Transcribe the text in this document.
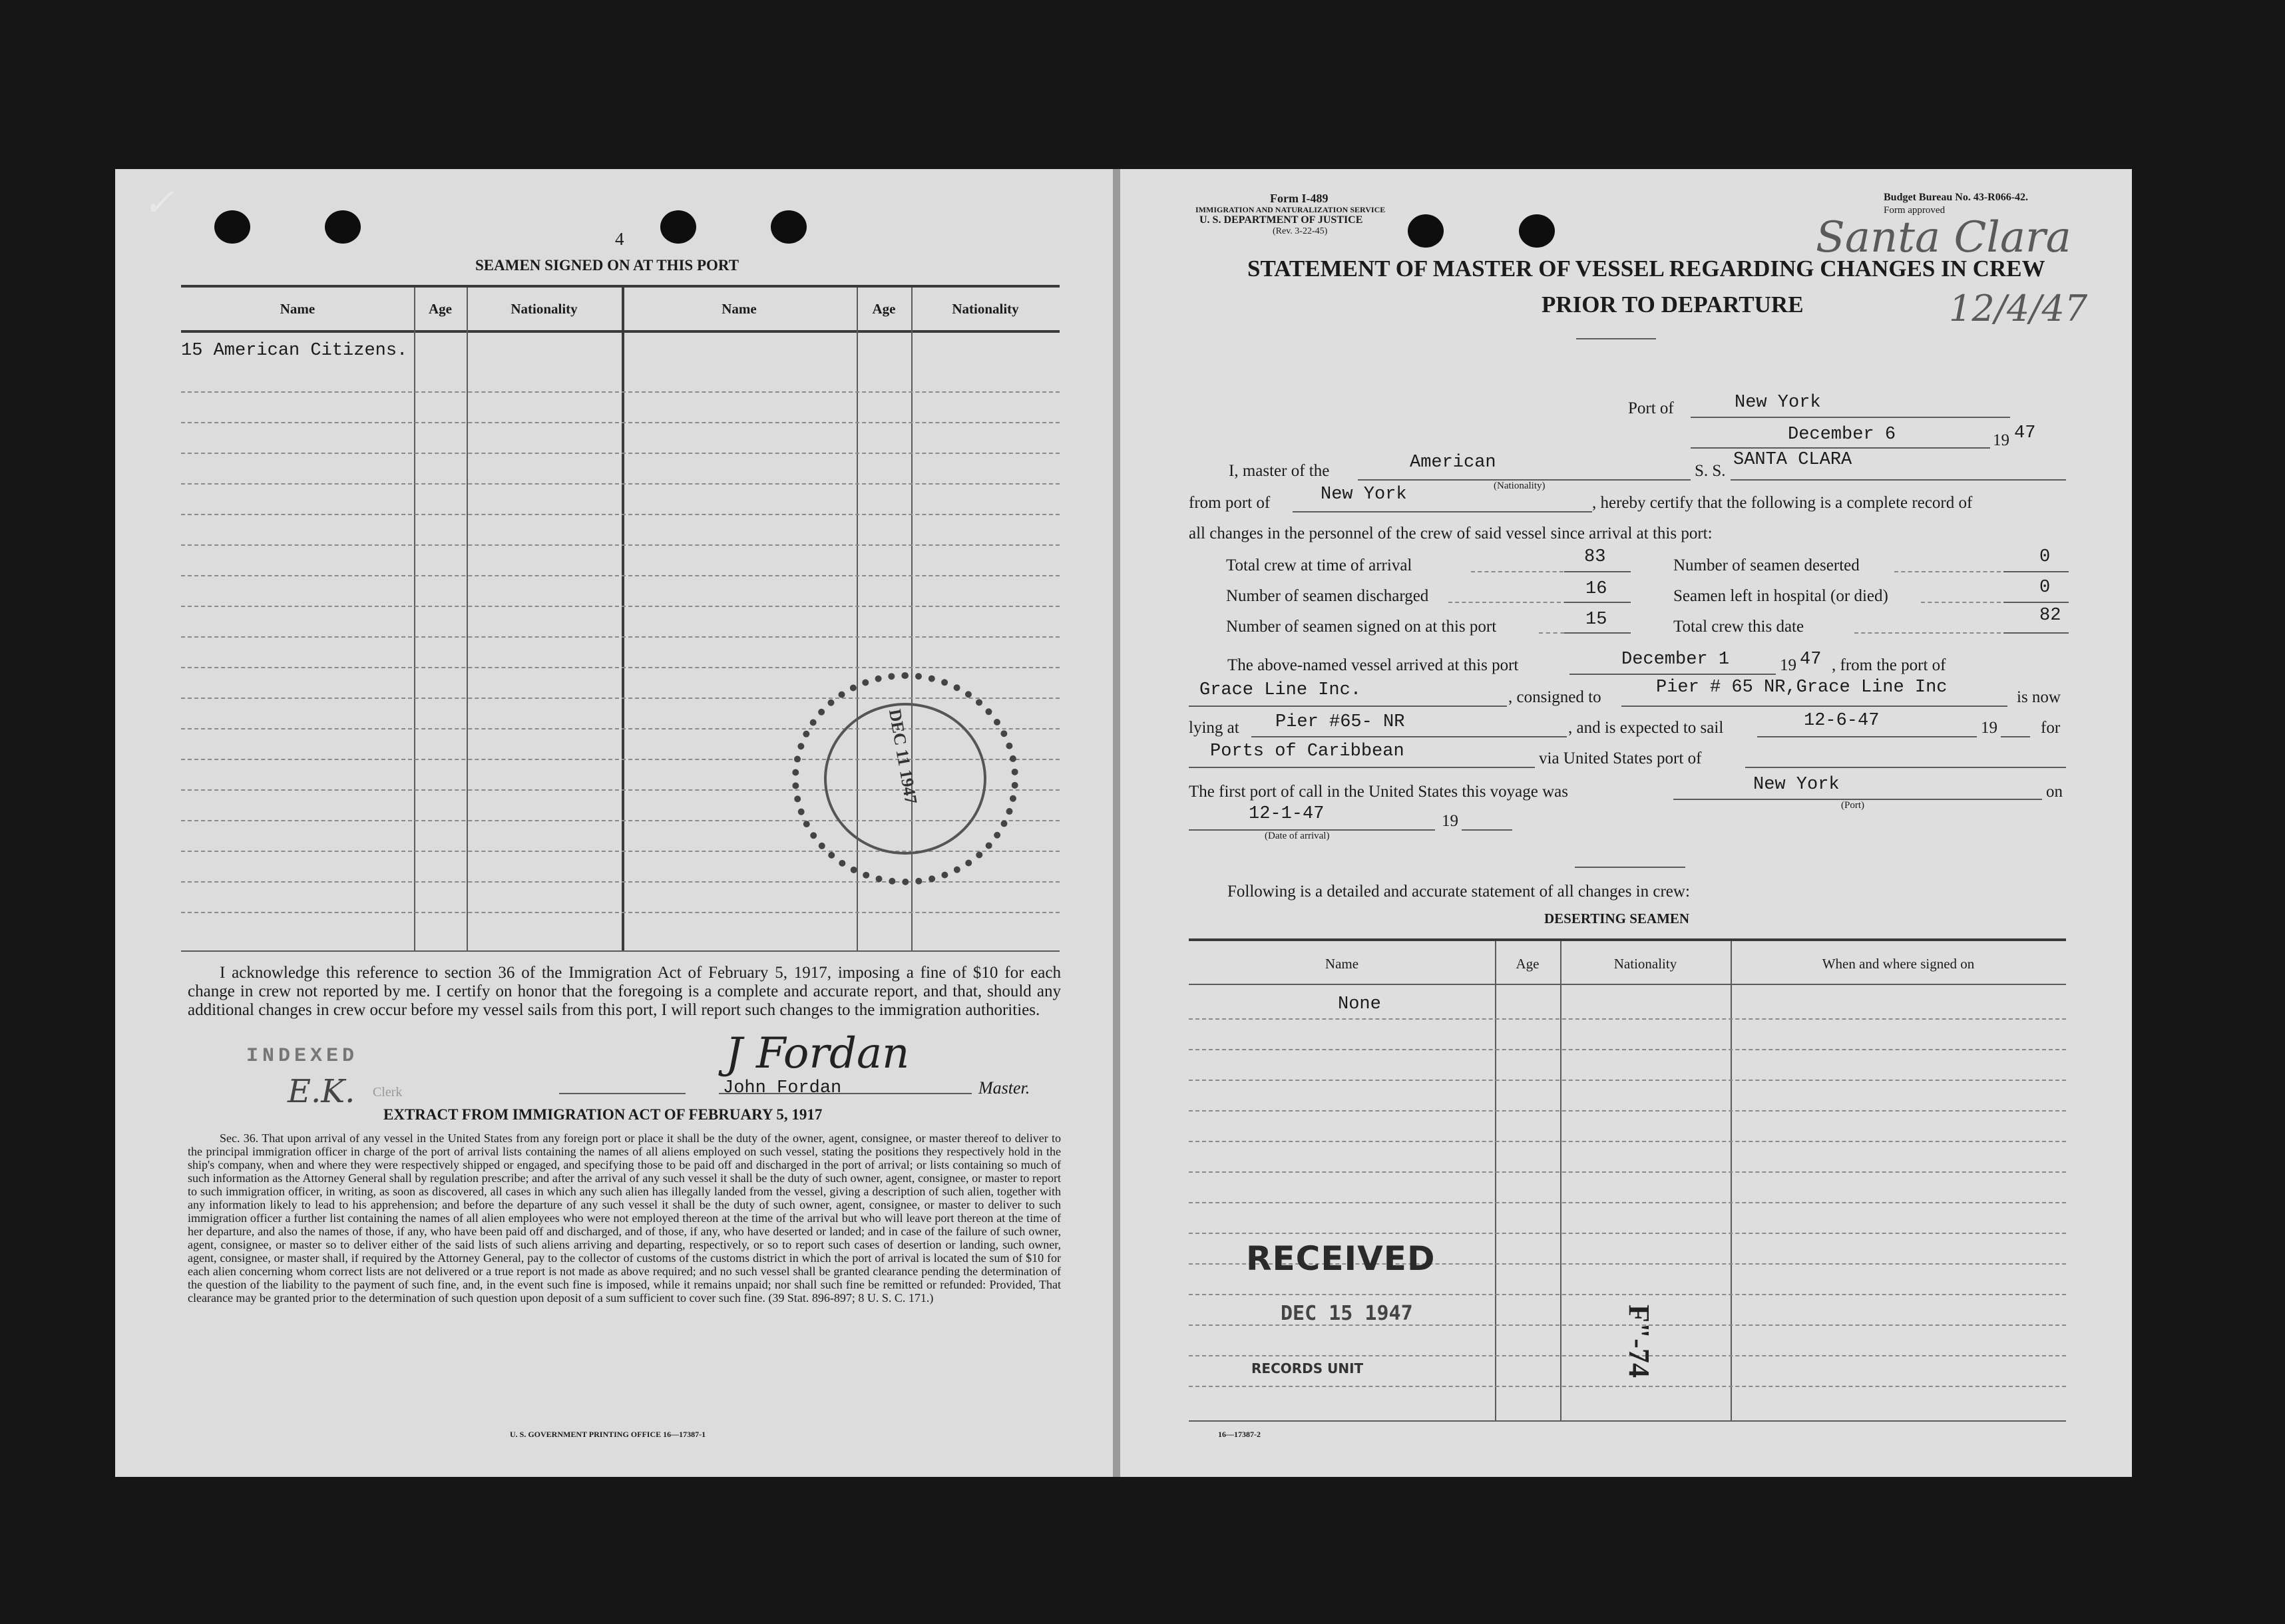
✓
4
SEAMEN SIGNED ON AT THIS PORT
Name	Age	Nationality	Name	Age	Nationality
15 American Citizens.
DEC 11 1947
I acknowledge this reference to section 36 of the Immigration Act of February 5, 1917, imposing a fine of $10 for each change in crew not reported by me. I certify on honor that the foregoing is a complete and accurate report, and that, should any additional changes in crew occur before my vessel sails from this port, I will report such changes to the immigration authorities.
INDEXED
E.K. Clerk
J Fordan
John Fordan	Master.
EXTRACT FROM IMMIGRATION ACT OF FEBRUARY 5, 1917
Sec. 36. That upon arrival of any vessel in the United States from any foreign port or place it shall be the duty of the owner, agent, consignee, or master thereof to deliver to the principal immigration officer in charge of the port of arrival lists containing the names of all aliens employed on such vessel, stating the positions they respectively hold in the ship's company, when and where they were respectively shipped or engaged, and specifying those to be paid off and discharged in the port of arrival; or lists containing so much of such information as the Attorney General shall by regulation prescribe; and after the arrival of any such vessel it shall be the duty of such owner, agent, consignee, or master to report to such immigration officer, in writing, as soon as discovered, all cases in which any such alien has illegally landed from the vessel, giving a description of such alien, together with any information likely to lead to his apprehension; and before the departure of any such vessel it shall be the duty of such owner, agent, consignee, or master to deliver to such immigration officer a further list containing the names of all alien employees who were not employed thereon at the time of the arrival but who will leave port thereon at the time of her departure, and also the names of those, if any, who have been paid off and discharged, and of those, if any, who have deserted or landed; and in case of the failure of such owner, agent, consignee, or master so to deliver either of the said lists of such aliens arriving and departing, respectively, or so to report such cases of desertion or landing, such owner, agent, consignee, or master shall, if required by the Attorney General, pay to the collector of customs of the customs district in which the port of arrival is located the sum of $10 for each alien concerning whom correct lists are not delivered or a true report is not made as above required; and no such vessel shall be granted clearance pending the determination of the question of the liability to the payment of such fine, and, in the event such fine is imposed, while it remains unpaid; nor shall such fine be remitted or refunded: Provided, That clearance may be granted prior to the determination of such question upon deposit of a sum sufficient to cover such fine. (39 Stat. 896-897; 8 U. S. C. 171.)
U. S. GOVERNMENT PRINTING OFFICE 16—17387-1
Form I-489
IMMIGRATION AND NATURALIZATION SERVICE
U. S. DEPARTMENT OF JUSTICE
(Rev. 3-22-45)
Budget Bureau No. 43-R066-42.
Form approved
Santa Clara
12/4/47
STATEMENT OF MASTER OF VESSEL REGARDING CHANGES IN CREW
PRIOR TO DEPARTURE
Port of	New York
December 6	19 47
I, master of the	American
(Nationality)
S. S.
SANTA CLARA
from port of	New York	, hereby certify that the following is a complete record of
all changes in the personnel of the crew of said vessel since arrival at this port:
Total crew at time of arrival	83
Number of seamen discharged	16
Number of seamen signed on at this port	15
Number of seamen deserted	0
Seamen left in hospital (or died)	0
Total crew this date
82
The above-named vessel arrived at this port	December 1	19 47 , from the port of
Grace Line Inc.	, consigned to	Pier # 65 NR,Grace Line Inc	is now
lying at Pier #65- NR	, and is expected to sail	12-6-47	19	for
Ports of Caribbean	via United States port of
The first port of call in the United States this voyage was	New York
(Port)
on
12-1-47
(Date of arrival)
19
Following is a detailed and accurate statement of all changes in crew:
DESERTING SEAMEN
Name	Age	Nationality	When and where signed on
None
RECEIVED
DEC 15 1947
RECORDS UNIT	F"-74
16—17387-2
